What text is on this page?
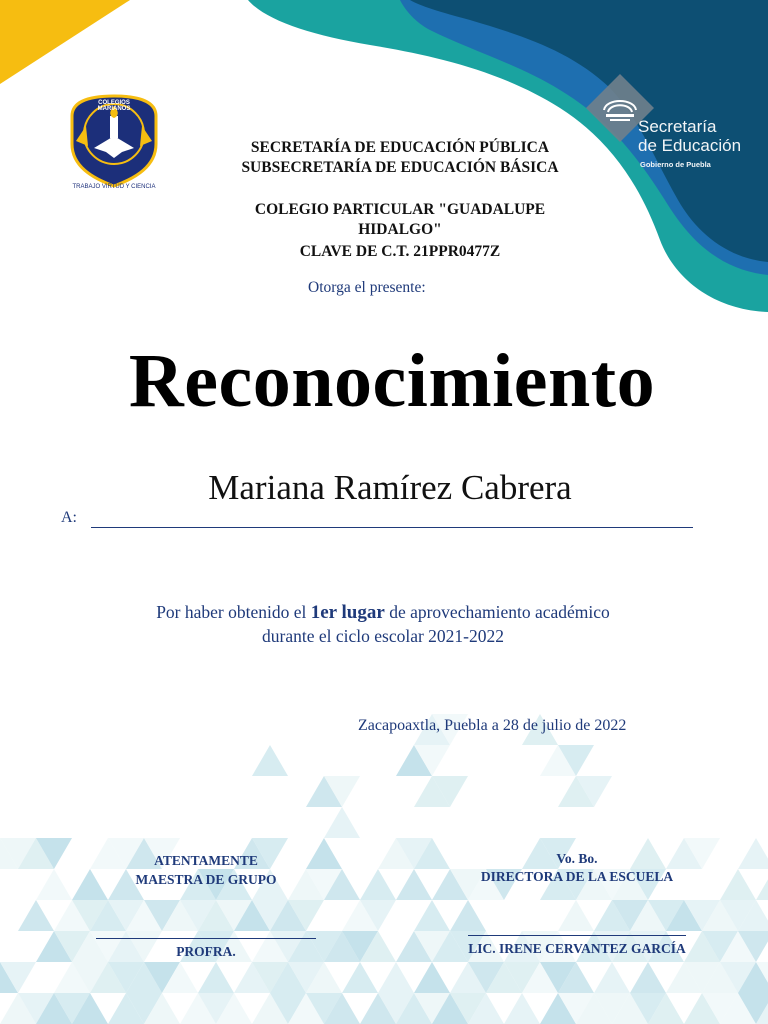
COLEGIOS MARIANOS
TRABAJO VIRTUD Y CIENCIA
Secretaría
de Educación
Gobierno de Puebla
SECRETARÍA DE EDUCACIÓN PÚBLICA
SUBSECRETARÍA DE EDUCACIÓN BÁSICA
COLEGIO PARTICULAR "GUADALUPE
HIDALGO"
CLAVE DE C.T. 21PPR0477Z
Otorga el presente:
Reconocimiento
Mariana Ramírez Cabrera
A:
Por haber obtenido el 1er lugar de aprovechamiento académico
durante el ciclo escolar 2021-2022
Zacapoaxtla, Puebla a 28 de julio de 2022
ATENTAMENTE
MAESTRA DE GRUPO
PROFRA.
Vo. Bo.
DIRECTORA DE LA ESCUELA
LIC. IRENE CERVANTEZ GARCÍA
